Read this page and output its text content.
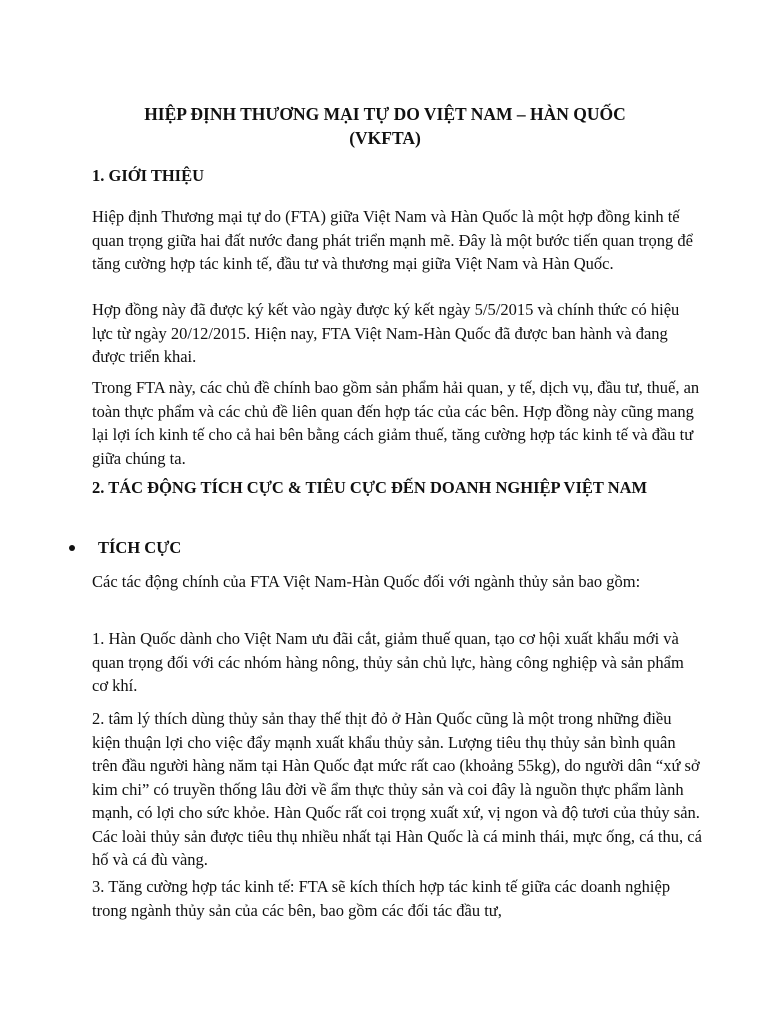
HIỆP ĐỊNH THƯƠNG MẠI TỰ DO VIỆT NAM – HÀN QUỐC
(VKFTA)
1. GIỚI THIỆU

Hiệp định Thương mại tự do (FTA) giữa Việt Nam và Hàn Quốc là một hợp đồng kinh tế quan trọng giữa hai đất nước đang phát triển mạnh mẽ. Đây là một bước tiến quan trọng để tăng cường hợp tác kinh tế, đầu tư và thương mại giữa Việt Nam và Hàn Quốc.

Hợp đồng này đã được ký kết vào ngày được ký kết ngày 5/5/2015 và chính thức có hiệu lực từ ngày 20/12/2015. Hiện nay, FTA Việt Nam-Hàn Quốc đã được ban hành và đang được triển khai.

Trong FTA này, các chủ đề chính bao gồm sản phẩm hải quan, y tế, dịch vụ, đầu tư, thuế, an toàn thực phẩm và các chủ đề liên quan đến hợp tác của các bên. Hợp đồng này cũng mang lại lợi ích kinh tế cho cả hai bên bằng cách giảm thuế, tăng cường hợp tác kinh tế và đầu tư giữa chúng ta.

2. TÁC ĐỘNG TÍCH CỰC & TIÊU CỰC ĐẾN DOANH NGHIỆP VIỆT NAM
TÍCH CỰC

Các tác động chính của FTA Việt Nam-Hàn Quốc đối với ngành thủy sản bao gồm:

1. Hàn Quốc dành cho Việt Nam ưu đãi cắt, giảm thuế quan, tạo cơ hội xuất khẩu mới và quan trọng đối với các nhóm hàng nông, thủy sản chủ lực, hàng công nghiệp và sản phẩm cơ khí.

2. tâm lý thích dùng thủy sản thay thế thịt đỏ ở Hàn Quốc cũng là một trong những điều kiện thuận lợi cho việc đẩy mạnh xuất khẩu thủy sản. Lượng tiêu thụ thủy sản bình quân trên đầu người hàng năm tại Hàn Quốc đạt mức rất cao (khoảng 55kg), do người dân “xứ sở kim chi” có truyền thống lâu đời về ẩm thực thủy sản và coi đây là nguồn thực phẩm lành mạnh, có lợi cho sức khỏe. Hàn Quốc rất coi trọng xuất xứ, vị ngon và độ tươi của thủy sản. Các loài thủy sản được tiêu thụ nhiều nhất tại Hàn Quốc là cá minh thái, mực ống, cá thu, cá hố và cá đù vàng.

3. Tăng cường hợp tác kinh tế: FTA sẽ kích thích hợp tác kinh tế giữa các doanh nghiệp trong ngành thủy sản của các bên, bao gồm các đối tác đầu tư,
